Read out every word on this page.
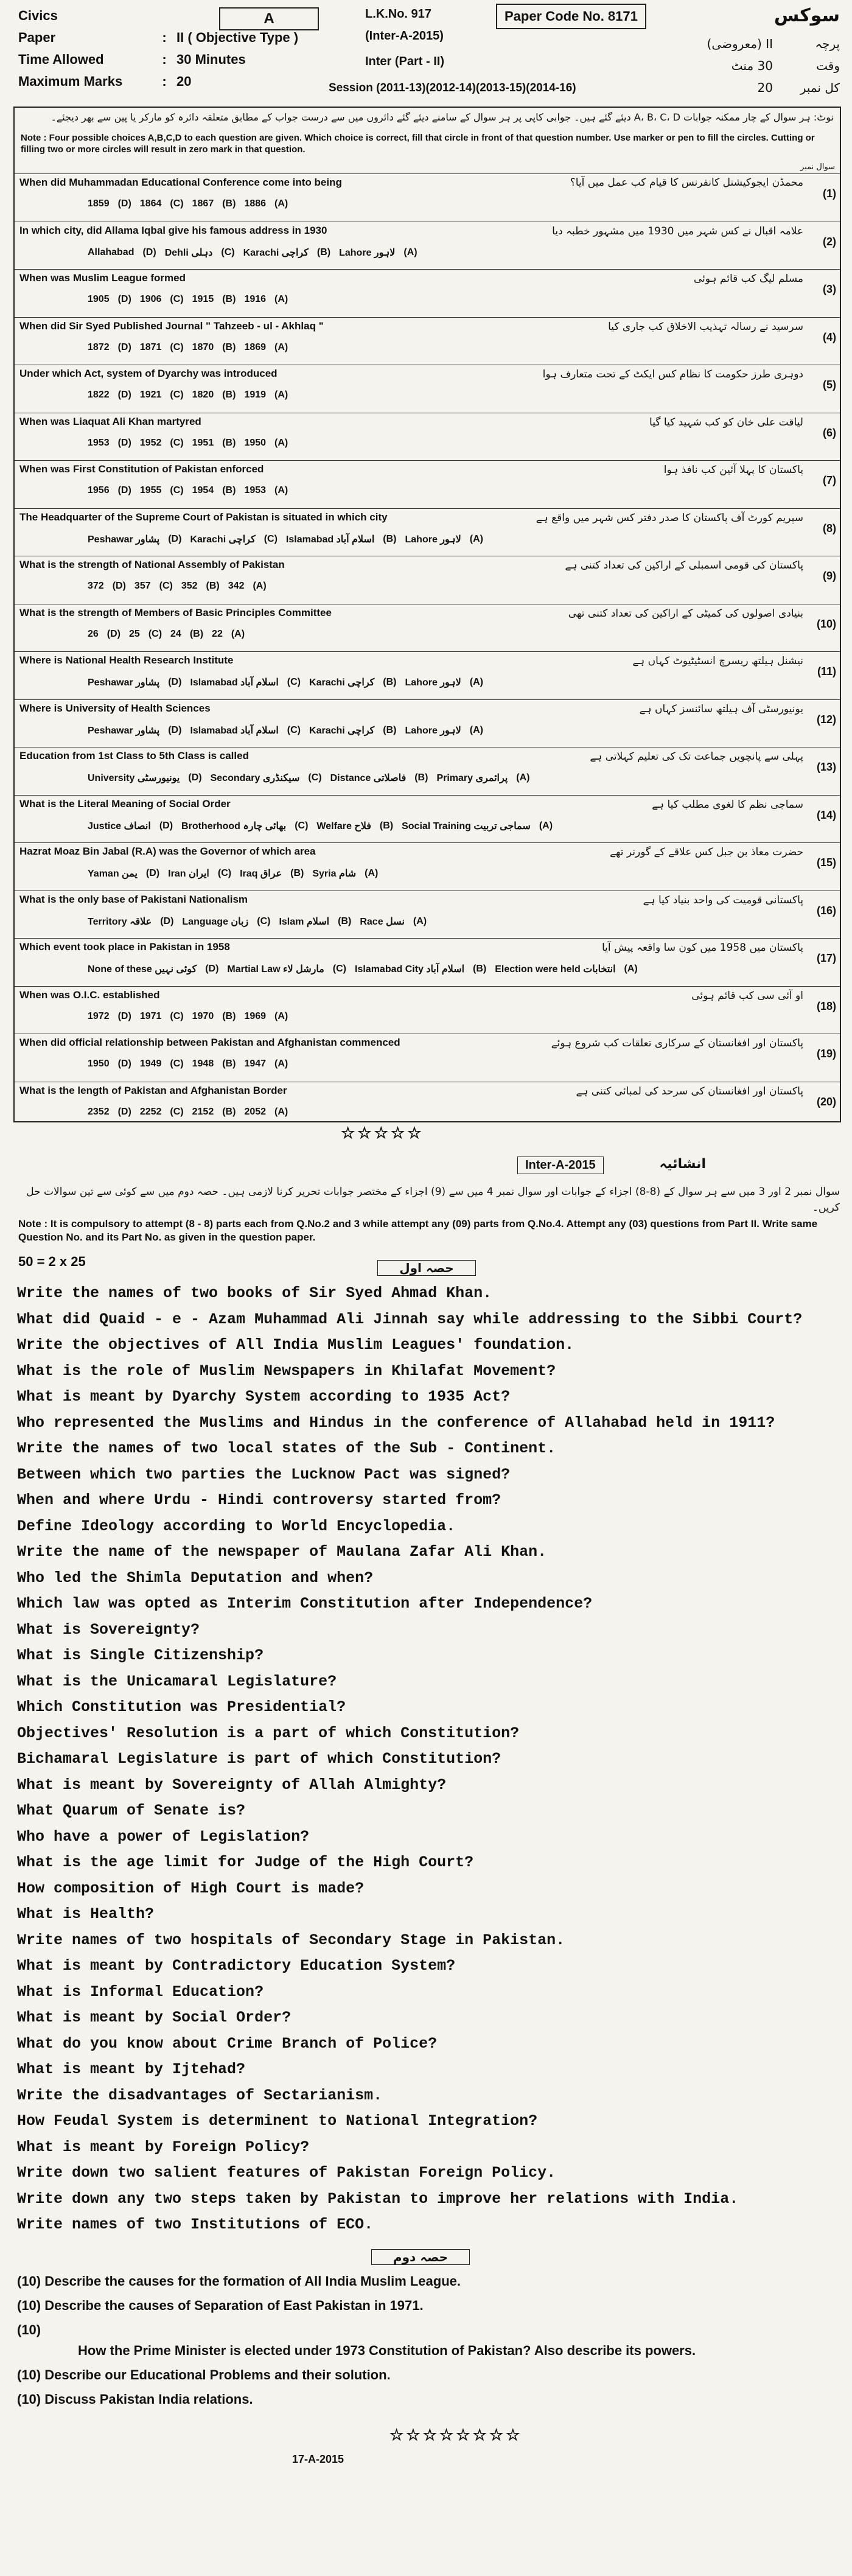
Civics
Paper	: II ( Objective Type )
Time Allowed	: 30 Minutes
Maximum Marks	: 20
A	L.K.No. 917
(Inter-A-2015)
Inter (Part - II)
Session (2011-13)(2012-14)(2013-15)(2014-16)
Paper Code No. 8171	سوکس
پرچہ
II (معروضی)
وقت
30 منٹ
کل نمبر
20
نوٹ: ہر سوال کے چار ممکنہ جوابات A، B، C، D دیئے گئے ہیں۔ جوابی کاپی پر ہر سوال کے سامنے دیئے گئے دائروں میں سے درست جواب کے مطابق متعلقہ دائرہ کو مارکر یا پین سے بھر دیجئے۔
Note : Four possible choices A,B,C,D to each question are given. Which choice is correct, fill that circle in front of that question number. Use marker or pen to fill the circles. Cutting or filling two or more circles will result in zero mark in that question.
سوال نمبر
When did Muhammadan Educational Conference come into being	محمڈن ایجوکیشنل کانفرنس کا قیام کب عمل میں آیا؟
(1)
1859 (D) 1864 (C) 1867 (B) 1886 (A)
In which city, did Allama Iqbal give his famous address in 1930	علامہ اقبال نے کس شہر میں 1930 میں مشہور خطبہ دیا
(2)
Allahabad (D) Dehli دہلی (C) Karachi کراچی (B) Lahore لاہور (A)
When was Muslim League formed	مسلم لیگ کب قائم ہوئی
(3)
1905 (D) 1906 (C) 1915 (B) 1916 (A)
When did Sir Syed Published Journal " Tahzeeb - ul - Akhlaq "	سرسید نے رسالہ تہذیب الاخلاق کب جاری کیا
(4)
1872 (D) 1871 (C) 1870 (B) 1869 (A)
Under which Act, system of Dyarchy was introduced	دوہری طرز حکومت کا نظام کس ایکٹ کے تحت متعارف ہوا
(5)
1822 (D) 1921 (C) 1820 (B) 1919 (A)
When was Liaquat Ali Khan martyred	لیاقت علی خان کو کب شہید کیا گیا
(6)
1953 (D) 1952 (C) 1951 (B) 1950 (A)
When was First Constitution of Pakistan enforced	پاکستان کا پہلا آئین کب نافذ ہوا
(7)
1956 (D) 1955 (C) 1954 (B) 1953 (A)
The Headquarter of the Supreme Court of Pakistan is situated in which city	سپریم کورٹ آف پاکستان کا صدر دفتر کس شہر میں واقع ہے
(8)
Peshawar پشاور (D) Karachi کراچی (C) Islamabad اسلام آباد (B) Lahore لاہور (A)
What is the strength of National Assembly of Pakistan	پاکستان کی قومی اسمبلی کے اراکین کی تعداد کتنی ہے
(9)
372 (D) 357 (C) 352 (B) 342 (A)
What is the strength of Members of Basic Principles Committee	بنیادی اصولوں کی کمیٹی کے اراکین کی تعداد کتنی تھی
(10)
26 (D) 25 (C) 24 (B) 22 (A)
Where is National Health Research Institute	نیشنل ہیلتھ ریسرچ انسٹیٹیوٹ کہاں ہے
(11)
Peshawar پشاور (D) Islamabad اسلام آباد (C) Karachi کراچی (B) Lahore لاہور (A)
Where is University of Health Sciences	یونیورسٹی آف ہیلتھ سائنسز کہاں ہے
(12)
Peshawar پشاور (D) Islamabad اسلام آباد (C) Karachi کراچی (B) Lahore لاہور (A)
Education from 1st Class to 5th Class is called	پہلی سے پانچویں جماعت تک کی تعلیم کہلاتی ہے
(13)
University یونیورسٹی (D) Secondary سیکنڈری (C) Distance فاصلاتی (B) Primary پرائمری (A)
What is the Literal Meaning of Social Order	سماجی نظم کا لغوی مطلب کیا ہے
(14)
Justice انصاف (D) Brotherhood بھائی چارہ (C) Welfare فلاح (B) Social Training سماجی تربیت (A)
Hazrat Moaz Bin Jabal (R.A) was the Governor of which area	حضرت معاذ بن جبل کس علاقے کے گورنر تھے
(15)
Yaman یمن (D) Iran ایران (C) Iraq عراق (B) Syria شام (A)
What is the only base of Pakistani Nationalism	پاکستانی قومیت کی واحد بنیاد کیا ہے
(16)
Territory علاقہ (D) Language زبان (C) Islam اسلام (B) Race نسل (A)
Which event took place in Pakistan in 1958	پاکستان میں 1958 میں کون سا واقعہ پیش آیا
(17)
None of these کوئی نہیں (D) Martial Law مارشل لاء (C) Islamabad City اسلام آباد (B) Election were held انتخابات (A)
When was O.I.C. established	او آئی سی کب قائم ہوئی
(18)
1972 (D) 1971 (C) 1970 (B) 1969 (A)
When did official relationship between Pakistan and Afghanistan commenced	پاکستان اور افغانستان کے سرکاری تعلقات کب شروع ہوئے
(19)
1950 (D) 1949 (C) 1948 (B) 1947 (A)
What is the length of Pakistan and Afghanistan Border	پاکستان اور افغانستان کی سرحد کی لمبائی کتنی ہے
(20)
2352 (D) 2252 (C) 2152 (B) 2052 (A)
☆☆☆☆☆
Inter-A-2015	انشائیہ
سوال نمبر 2 اور 3 میں سے ہر سوال کے (8-8) اجزاء کے جوابات اور سوال نمبر 4 میں سے (9) اجزاء کے مختصر جوابات تحریر کرنا لازمی ہیں۔ حصہ دوم میں سے کوئی سے تین سوالات حل کریں۔
Note : It is compulsory to attempt (8 - 8) parts each from Q.No.2 and 3 while attempt any (09) parts from Q.No.4. Attempt any (03) questions from Part II. Write same Question No. and its Part No. as given in the question paper.
50 = 2 x 25	حصہ اول
Write the names of two books of Sir Syed Ahmad Khan.
What did Quaid - e - Azam Muhammad Ali Jinnah say while addressing to the Sibbi Court?
Write the objectives of All India Muslim Leagues' foundation.
What is the role of Muslim Newspapers in Khilafat Movement?
What is meant by Dyarchy System according to 1935 Act?
Who represented the Muslims and Hindus in the conference of Allahabad held in 1911?
Write the names of two local states of the Sub - Continent.
Between which two parties the Lucknow Pact was signed?
When and where Urdu - Hindi controversy started from?
Define Ideology according to World Encyclopedia.
Write the name of the newspaper of Maulana Zafar Ali Khan.
Who led the Shimla Deputation and when?
Which law was opted as Interim Constitution after Independence?
What is Sovereignty?
What is Single Citizenship?
What is the Unicamaral Legislature?
Which Constitution was Presidential?
Objectives' Resolution is a part of which Constitution?
Bichamaral Legislature is part of which Constitution?
What is meant by Sovereignty of Allah Almighty?
What Quarum of Senate is?
Who have a power of Legislation?
What is the age limit for Judge of the High Court?
How composition of High Court is made?
What is Health?
Write names of two hospitals of Secondary Stage in Pakistan.
What is meant by Contradictory Education System?
What is Informal Education?
What is meant by Social Order?
What do you know about Crime Branch of Police?
What is meant by Ijtehad?
Write the disadvantages of Sectarianism.
How Feudal System is determinent to National Integration?
What is meant by Foreign Policy?
Write down two salient features of Pakistan Foreign Policy.
Write down any two steps taken by Pakistan to improve her relations with India.
Write names of two Institutions of ECO.
حصہ دوم
(10) Describe the causes for the formation of All India Muslim League.
(10) Describe the causes of Separation of East Pakistan in 1971.
(10)
How the Prime Minister is elected under 1973 Constitution of Pakistan? Also describe its powers.
(10) Describe our Educational Problems and their solution.
(10) Discuss Pakistan India relations.
☆☆☆☆☆☆☆☆
17-A-2015
